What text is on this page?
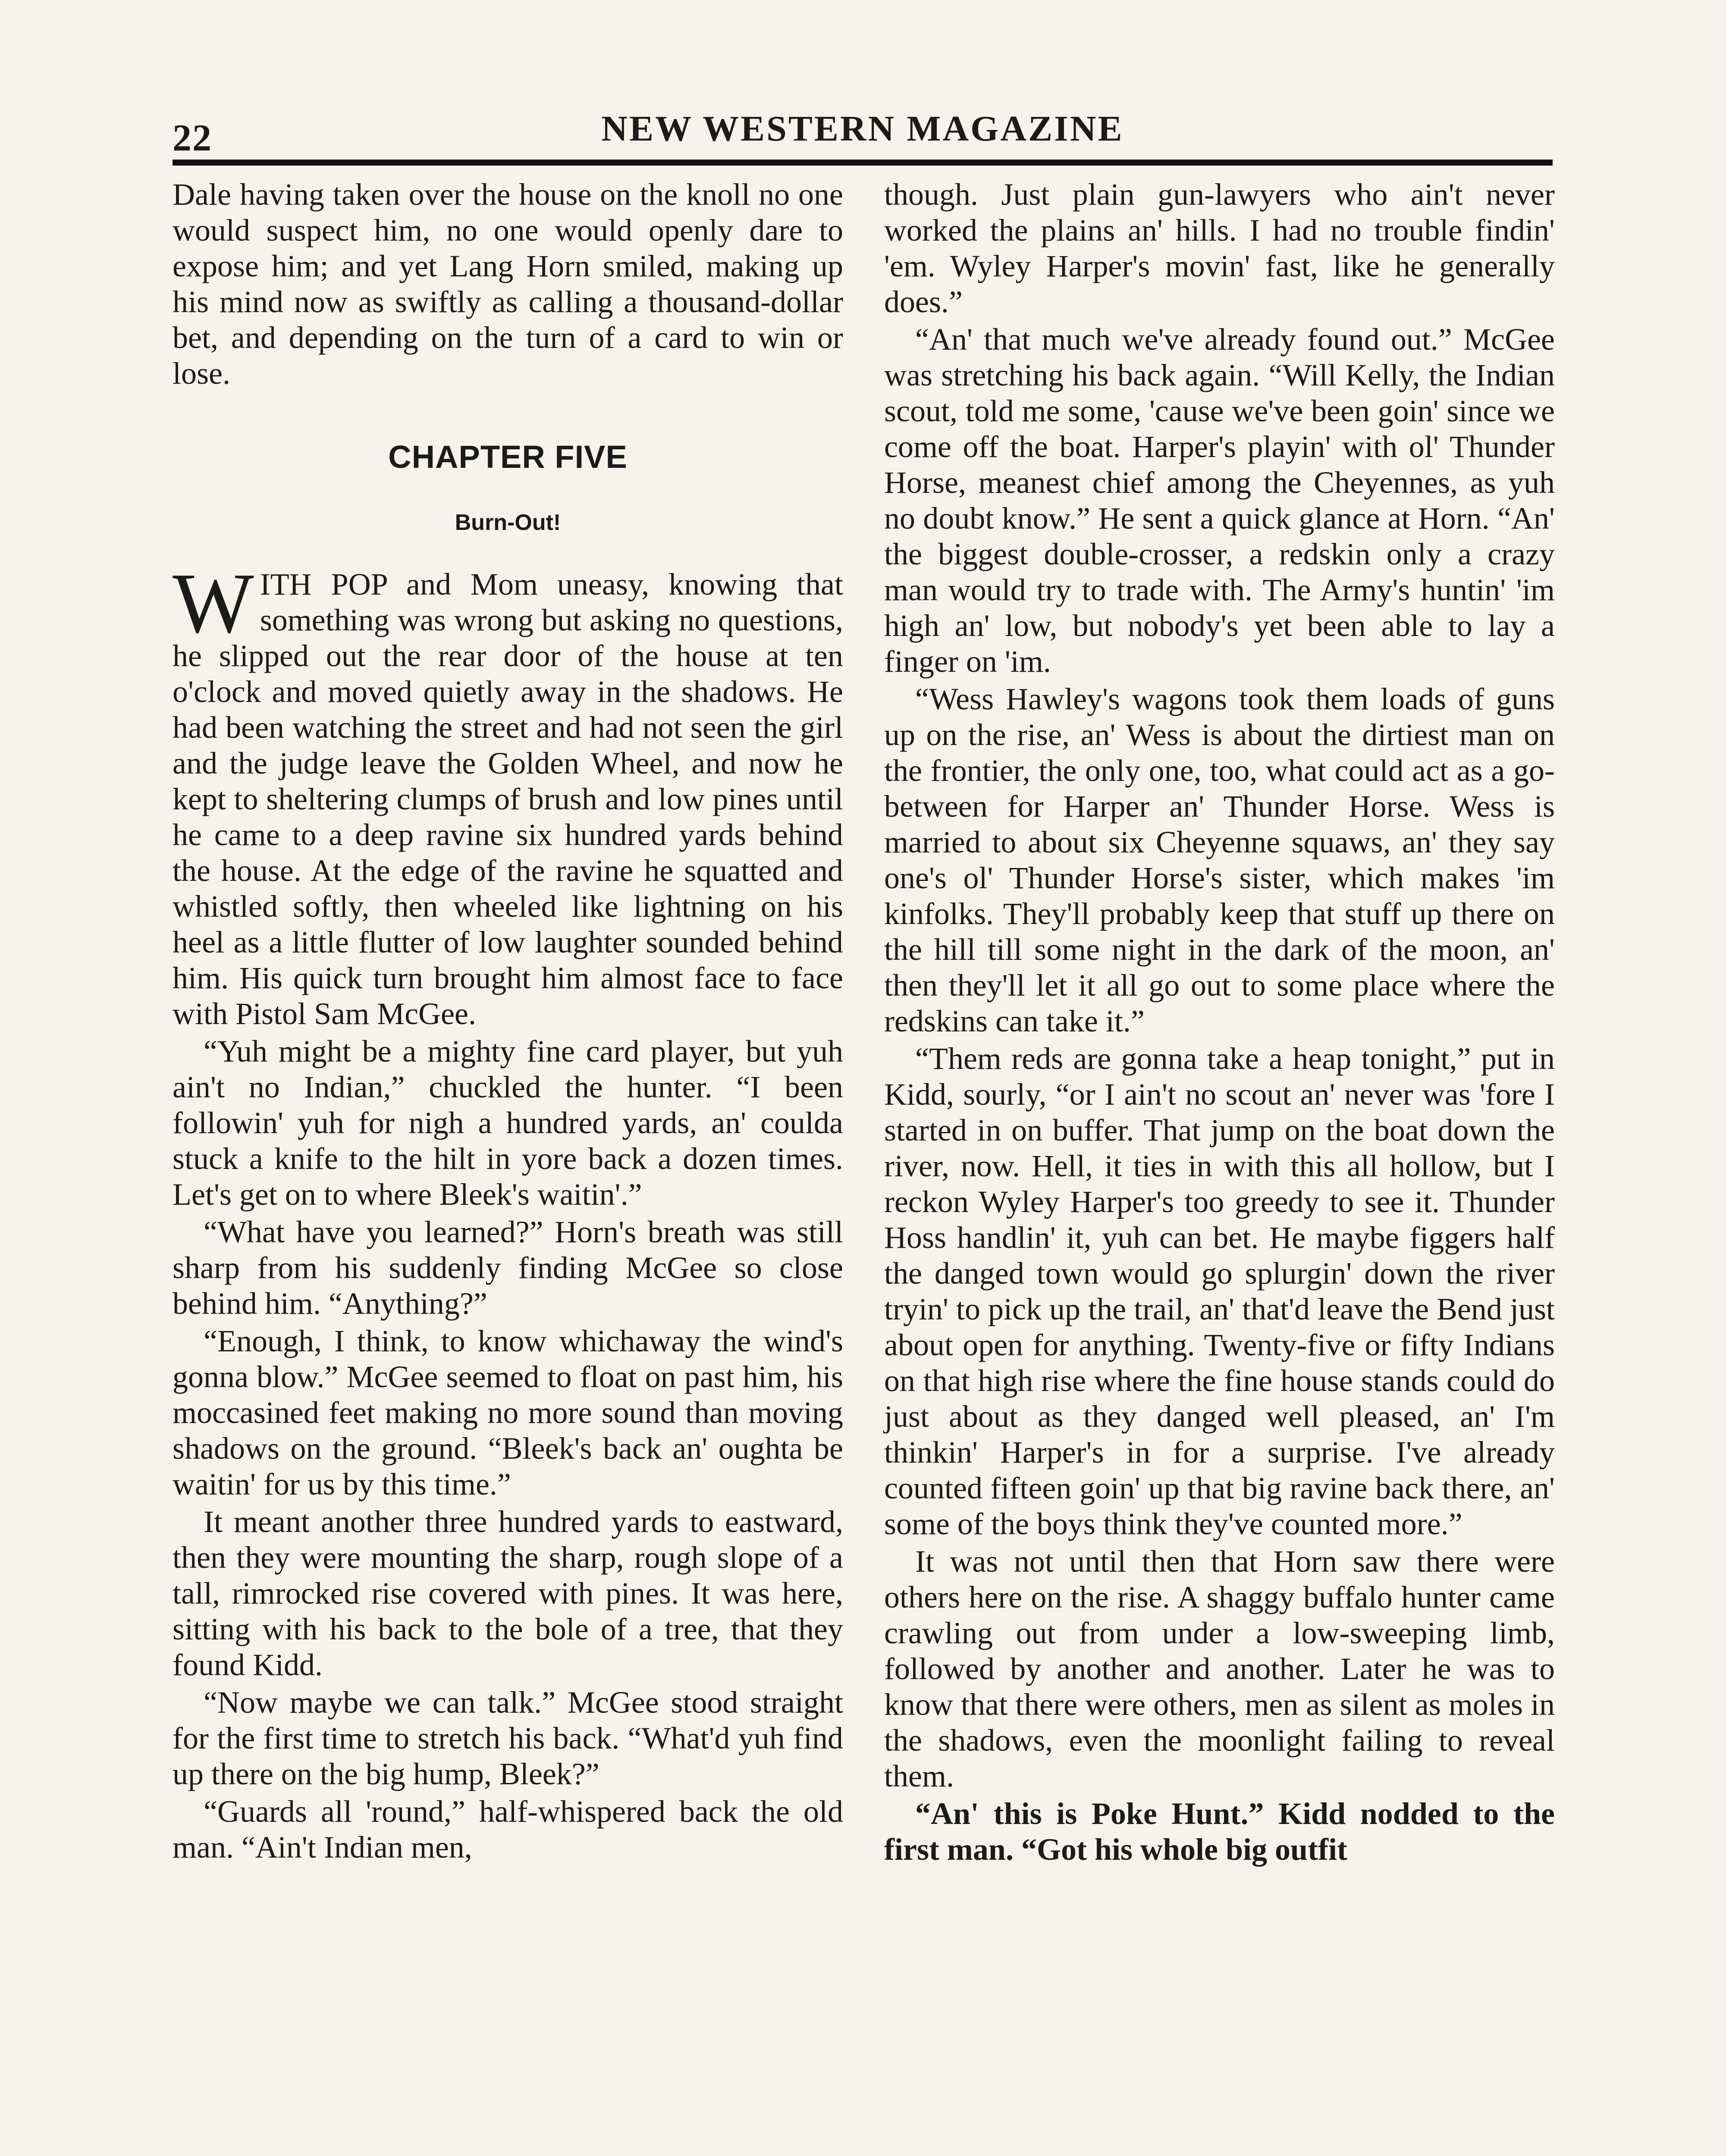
22	NEW WESTERN MAGAZINE

Dale having taken over the house on the knoll no one would suspect him, no one would openly dare to expose him; and yet Lang Horn smiled, making up his mind now as swiftly as calling a thousand-dollar bet, and depending on the turn of a card to win or lose.

CHAPTER FIVE
Burn-Out!

WITH POP and Mom uneasy, knowing that something was wrong but asking no questions, he slipped out the rear door of the house at ten o'clock and moved quietly away in the shadows. He had been watching the street and had not seen the girl and the judge leave the Golden Wheel, and now he kept to sheltering clumps of brush and low pines until he came to a deep ravine six hundred yards behind the house. At the edge of the ravine he squatted and whistled softly, then wheeled like lightning on his heel as a little flutter of low laughter sounded behind him. His quick turn brought him almost face to face with Pistol Sam McGee.

“Yuh might be a mighty fine card player, but yuh ain't no Indian,” chuckled the hunter. “I been followin' yuh for nigh a hundred yards, an' coulda stuck a knife to the hilt in yore back a dozen times. Let's get on to where Bleek's waitin'.”

“What have you learned?” Horn's breath was still sharp from his suddenly finding McGee so close behind him. “Anything?”

“Enough, I think, to know whichaway the wind's gonna blow.” McGee seemed to float on past him, his moccasined feet making no more sound than moving shadows on the ground. “Bleek's back an' oughta be waitin' for us by this time.”

It meant another three hundred yards to eastward, then they were mounting the sharp, rough slope of a tall, rimrocked rise covered with pines. It was here, sitting with his back to the bole of a tree, that they found Kidd.

“Now maybe we can talk.” McGee stood straight for the first time to stretch his back. “What'd yuh find up there on the big hump, Bleek?”

“Guards all 'round,” half-whispered back the old man. “Ain't Indian men,

though. Just plain gun-lawyers who ain't never worked the plains an' hills. I had no trouble findin' 'em. Wyley Harper's movin' fast, like he generally does.”

“An' that much we've already found out.” McGee was stretching his back again. “Will Kelly, the Indian scout, told me some, 'cause we've been goin' since we come off the boat. Harper's playin' with ol' Thunder Horse, meanest chief among the Cheyennes, as yuh no doubt know.” He sent a quick glance at Horn. “An' the biggest double-crosser, a redskin only a crazy man would try to trade with. The Army's huntin' 'im high an' low, but nobody's yet been able to lay a finger on 'im.

“Wess Hawley's wagons took them loads of guns up on the rise, an' Wess is about the dirtiest man on the frontier, the only one, too, what could act as a go-between for Harper an' Thunder Horse. Wess is married to about six Cheyenne squaws, an' they say one's ol' Thunder Horse's sister, which makes 'im kinfolks. They'll probably keep that stuff up there on the hill till some night in the dark of the moon, an' then they'll let it all go out to some place where the redskins can take it.”

“Them reds are gonna take a heap tonight,” put in Kidd, sourly, “or I ain't no scout an' never was 'fore I started in on buffer. That jump on the boat down the river, now. Hell, it ties in with this all hollow, but I reckon Wyley Harper's too greedy to see it. Thunder Hoss handlin' it, yuh can bet. He maybe figgers half the danged town would go splurgin' down the river tryin' to pick up the trail, an' that'd leave the Bend just about open for anything. Twenty-five or fifty Indians on that high rise where the fine house stands could do just about as they danged well pleased, an' I'm thinkin' Harper's in for a surprise. I've already counted fifteen goin' up that big ravine back there, an' some of the boys think they've counted more.”

It was not until then that Horn saw there were others here on the rise. A shaggy buffalo hunter came crawling out from under a low-sweeping limb, followed by another and another. Later he was to know that there were others, men as silent as moles in the shadows, even the moonlight failing to reveal them.

“An' this is Poke Hunt.” Kidd nodded to the first man. “Got his whole big outfit
